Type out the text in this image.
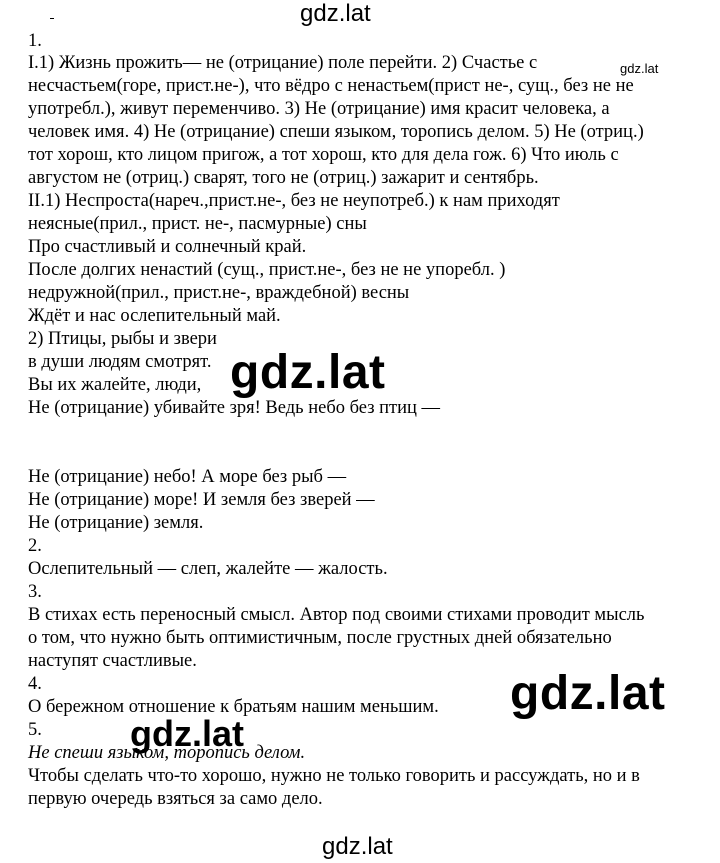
1.
I.1) Жизнь прожить— не (отрицание) поле перейти. 2) Счастье с
несчастьем(горе, прист.не-), что вёдро с ненастьем(прист не-, сущ., без не не
употребл.), живут переменчиво. 3) Не (отрицание) имя красит человека, а
человек имя. 4) Не (отрицание) спеши языком, торопись делом. 5) Не (отриц.)
тот хорош, кто лицом пригож, а тот хорош, кто для дела гож. 6) Что июль с
августом не (отриц.) сварят, того не (отриц.) зажарит и сентябрь.
II.1) Неспроста(нареч.,прист.не-, без не неупотреб.) к нам приходят
неясные(прил., прист. не-, пасмурные) сны
Про счастливый и солнечный край.
После долгих ненастий (сущ., прист.не-, без не не упоребл. )
недружной(прил., прист.не-, враждебной) весны
Ждёт и нас ослепительный май.
2) Птицы, рыбы и звери
в души людям смотрят.
Вы их жалейте, люди,
Не (отрицание) убивайте зря! Ведь небо без птиц —
Не (отрицание) небо! А море без рыб —
Не (отрицание) море! И земля без зверей —
Не (отрицание) земля.
2.
Ослепительный — слеп, жалейте — жалость.
3.
В стихах есть переносный смысл. Автор под своими стихами проводит мысль
о том, что нужно быть оптимистичным, после грустных дней обязательно
наступят счастливые.
4.
О бережном отношение к братьям нашим меньшим.
5.
Не спеши языком, торопись делом.
Чтобы сделать что-то хорошо, нужно не только говорить и рассуждать, но и в
первую очередь взяться за само дело.
gdz.lat
gdz.lat
gdz.lat
gdz.lat
gdz.lat
gdz.lat
